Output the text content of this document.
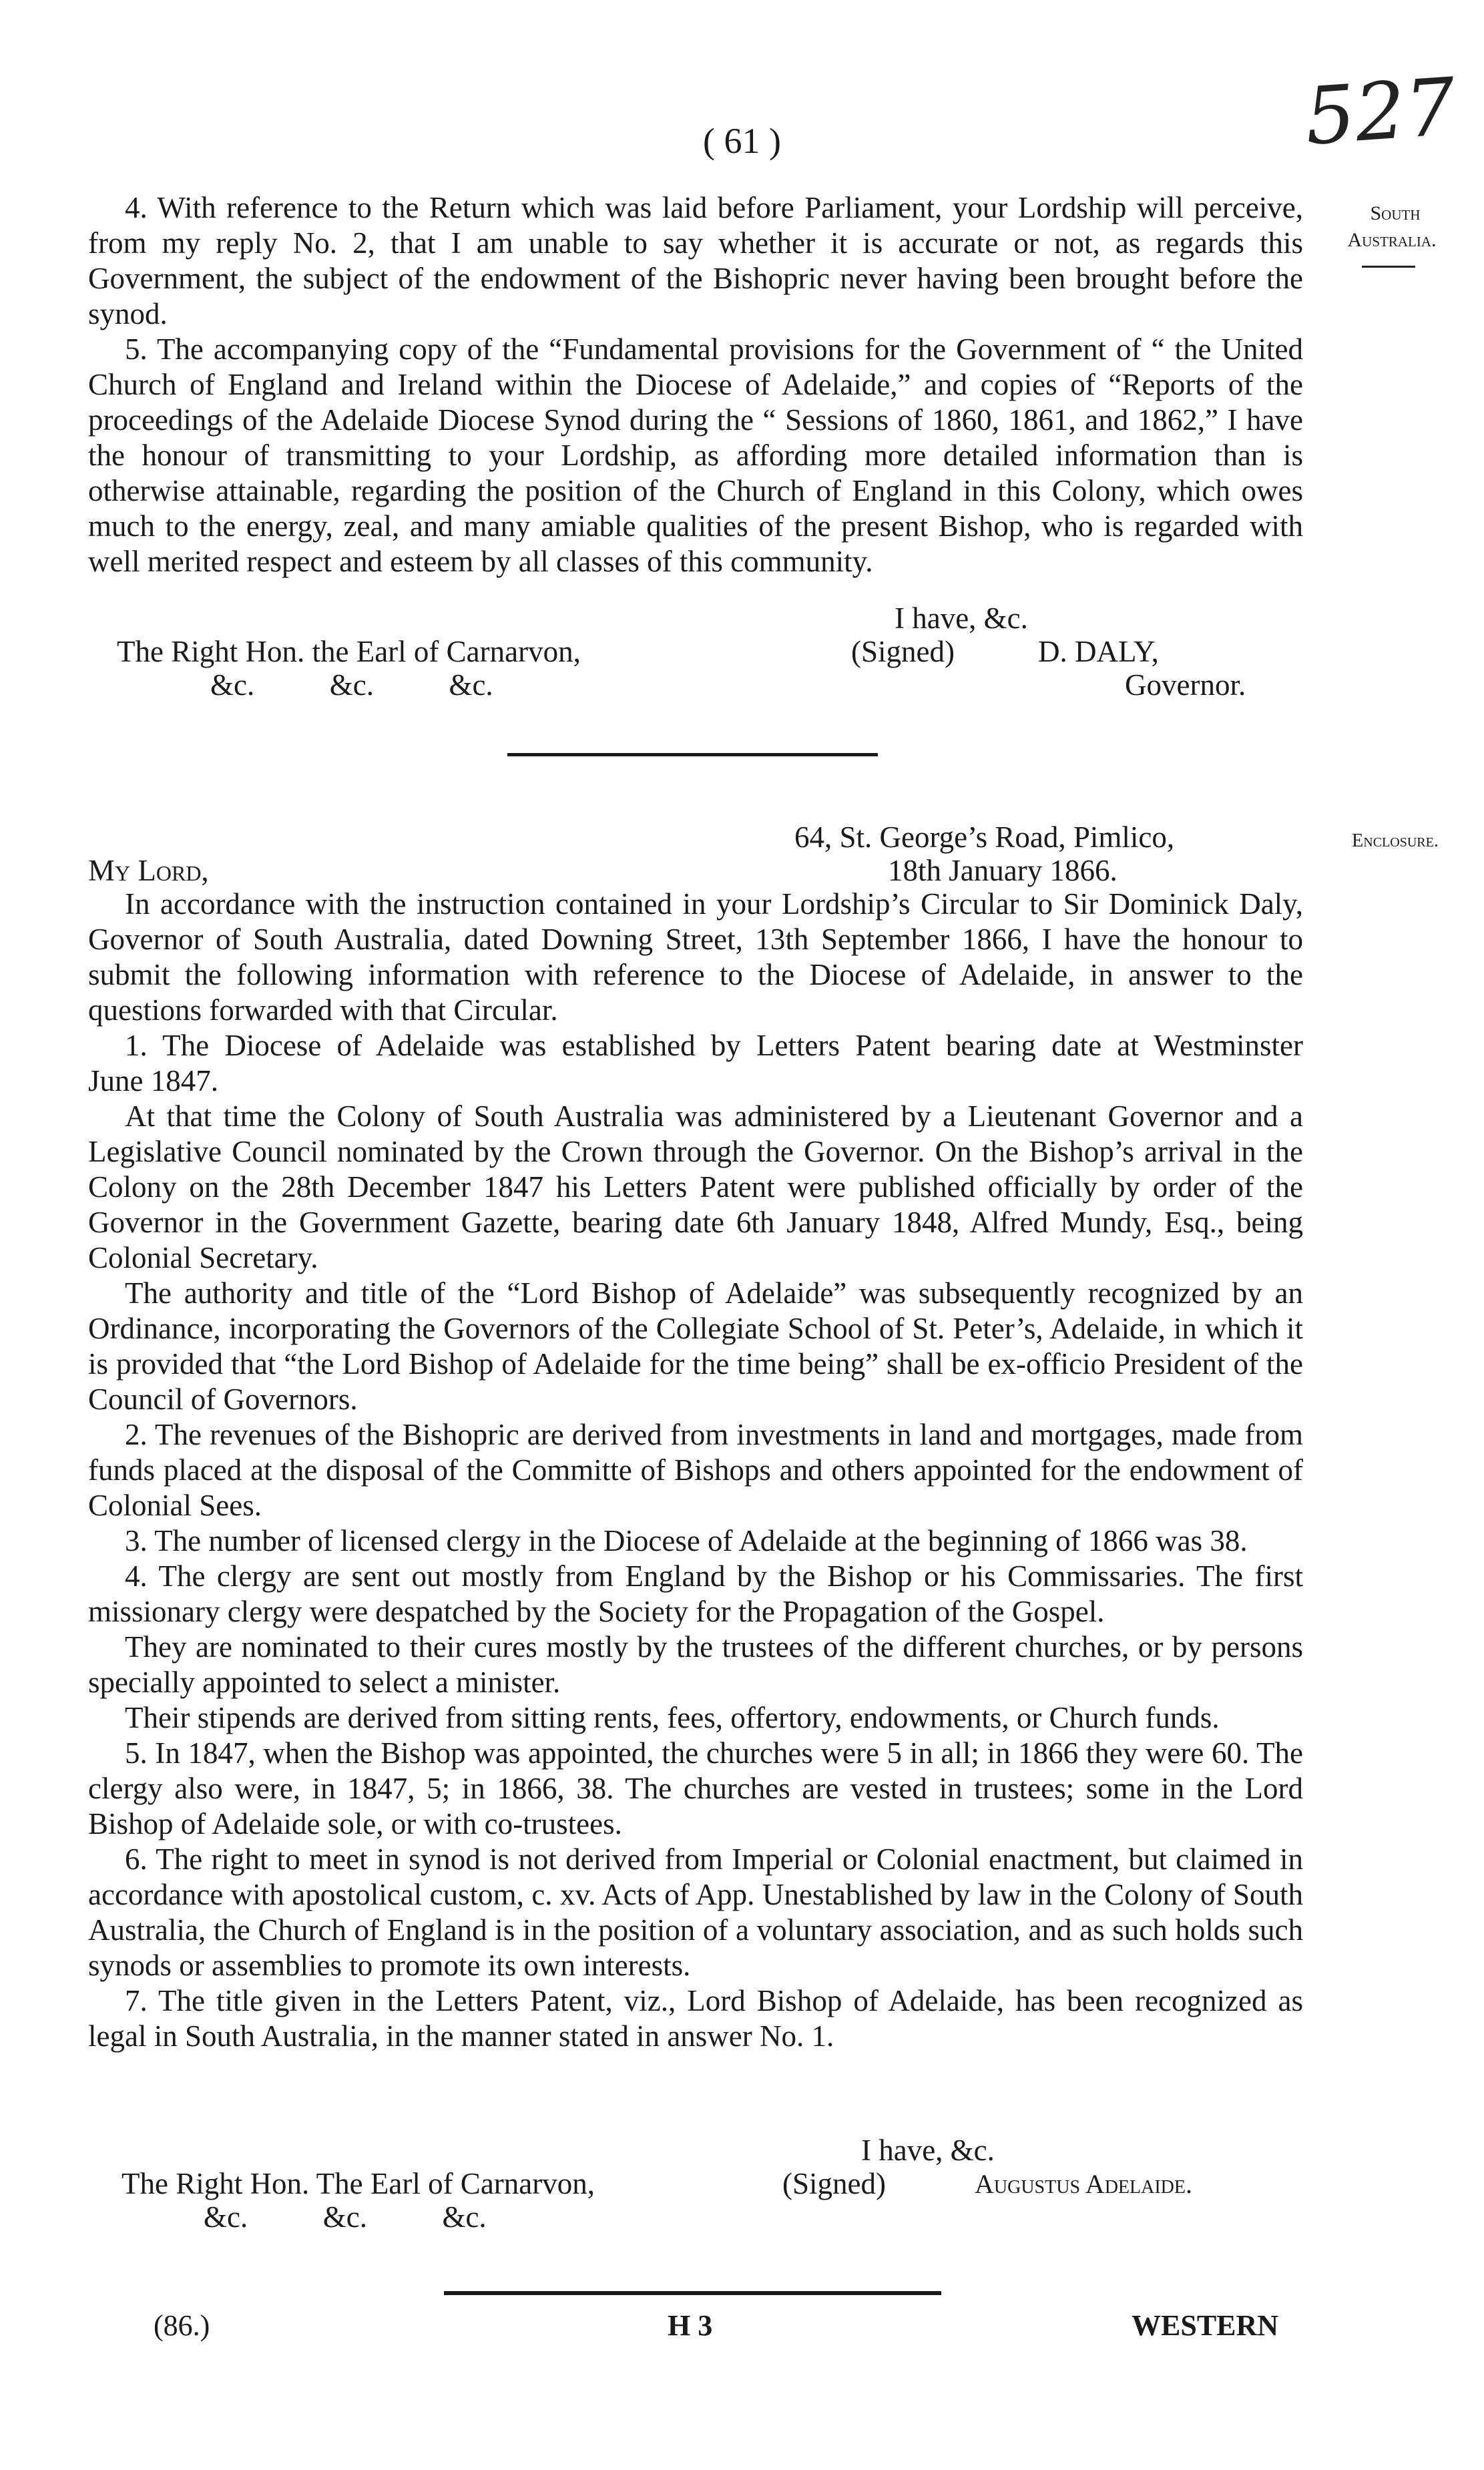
527
( 61 )
South
Australia.

4. With reference to the Return which was laid before Parliament, your Lordship will perceive, from my reply No. 2, that I am unable to say whether it is accurate or not, as regards this Government, the subject of the endowment of the Bishopric never having been brought before the synod.

5. The accompanying copy of the “Fundamental provisions for the Government of “ the United Church of England and Ireland within the Diocese of Adelaide,” and copies of “Reports of the proceedings of the Adelaide Diocese Synod during the “ Sessions of 1860, 1861, and 1862,” I have the honour of transmitting to your Lordship, as affording more detailed information than is otherwise attainable, regarding the position of the Church of England in this Colony, which owes much to the energy, zeal, and many amiable qualities of the present Bishop, who is regarded with well merited respect and esteem by all classes of this community.

I have, &c.
The Right Hon. the Earl of Carnarvon,	(Signed)	D. DALY,
&c.          &c.          &c.	Governor.
Enclosure.
64, St. George’s Road, Pimlico,
My Lord,	18th January 1866.

In accordance with the instruction contained in your Lordship’s Circular to Sir Dominick Daly, Governor of South Australia, dated Downing Street, 13th September 1866, I have the honour to submit the following information with reference to the Diocese of Adelaide, in answer to the questions forwarded with that Circular.

1. The Diocese of Adelaide was established by Letters Patent bearing date at Westminster        June 1847.

At that time the Colony of South Australia was administered by a Lieutenant Governor and a Legislative Council nominated by the Crown through the Governor. On the Bishop’s arrival in the Colony on the 28th December 1847 his Letters Patent were published officially by order of the Governor in the Government Gazette, bearing date 6th January 1848, Alfred Mundy, Esq., being Colonial Secretary.

The authority and title of the “Lord Bishop of Adelaide” was subsequently recognized by an Ordinance, incorporating the Governors of the Collegiate School of St. Peter’s, Adelaide, in which it is provided that “the Lord Bishop of Adelaide for the time being” shall be ex-officio President of the Council of Governors.

2. The revenues of the Bishopric are derived from investments in land and mortgages, made from funds placed at the disposal of the Committe of Bishops and others appointed for the endowment of Colonial Sees.

3. The number of licensed clergy in the Diocese of Adelaide at the beginning of 1866 was 38.

4. The clergy are sent out mostly from England by the Bishop or his Commissaries. The first missionary clergy were despatched by the Society for the Propagation of the Gospel.

They are nominated to their cures mostly by the trustees of the different churches, or by persons specially appointed to select a minister.

Their stipends are derived from sitting rents, fees, offertory, endowments, or Church funds.

5. In 1847, when the Bishop was appointed, the churches were 5 in all; in 1866 they were 60. The clergy also were, in 1847, 5; in 1866, 38. The churches are vested in trustees; some in the Lord Bishop of Adelaide sole, or with co-trustees.

6. The right to meet in synod is not derived from Imperial or Colonial enactment, but claimed in accordance with apostolical custom, c. xv. Acts of App. Unestablished by law in the Colony of South Australia, the Church of England is in the position of a voluntary association, and as such holds such synods or assemblies to promote its own interests.

7. The title given in the Letters Patent, viz., Lord Bishop of Adelaide, has been recognized as legal in South Australia, in the manner stated in answer No. 1.

I have, &c.
The Right Hon. The Earl of Carnarvon,	(Signed)	Augustus Adelaide.
&c.          &c.          &c.
(86.)	H 3	WESTERN
